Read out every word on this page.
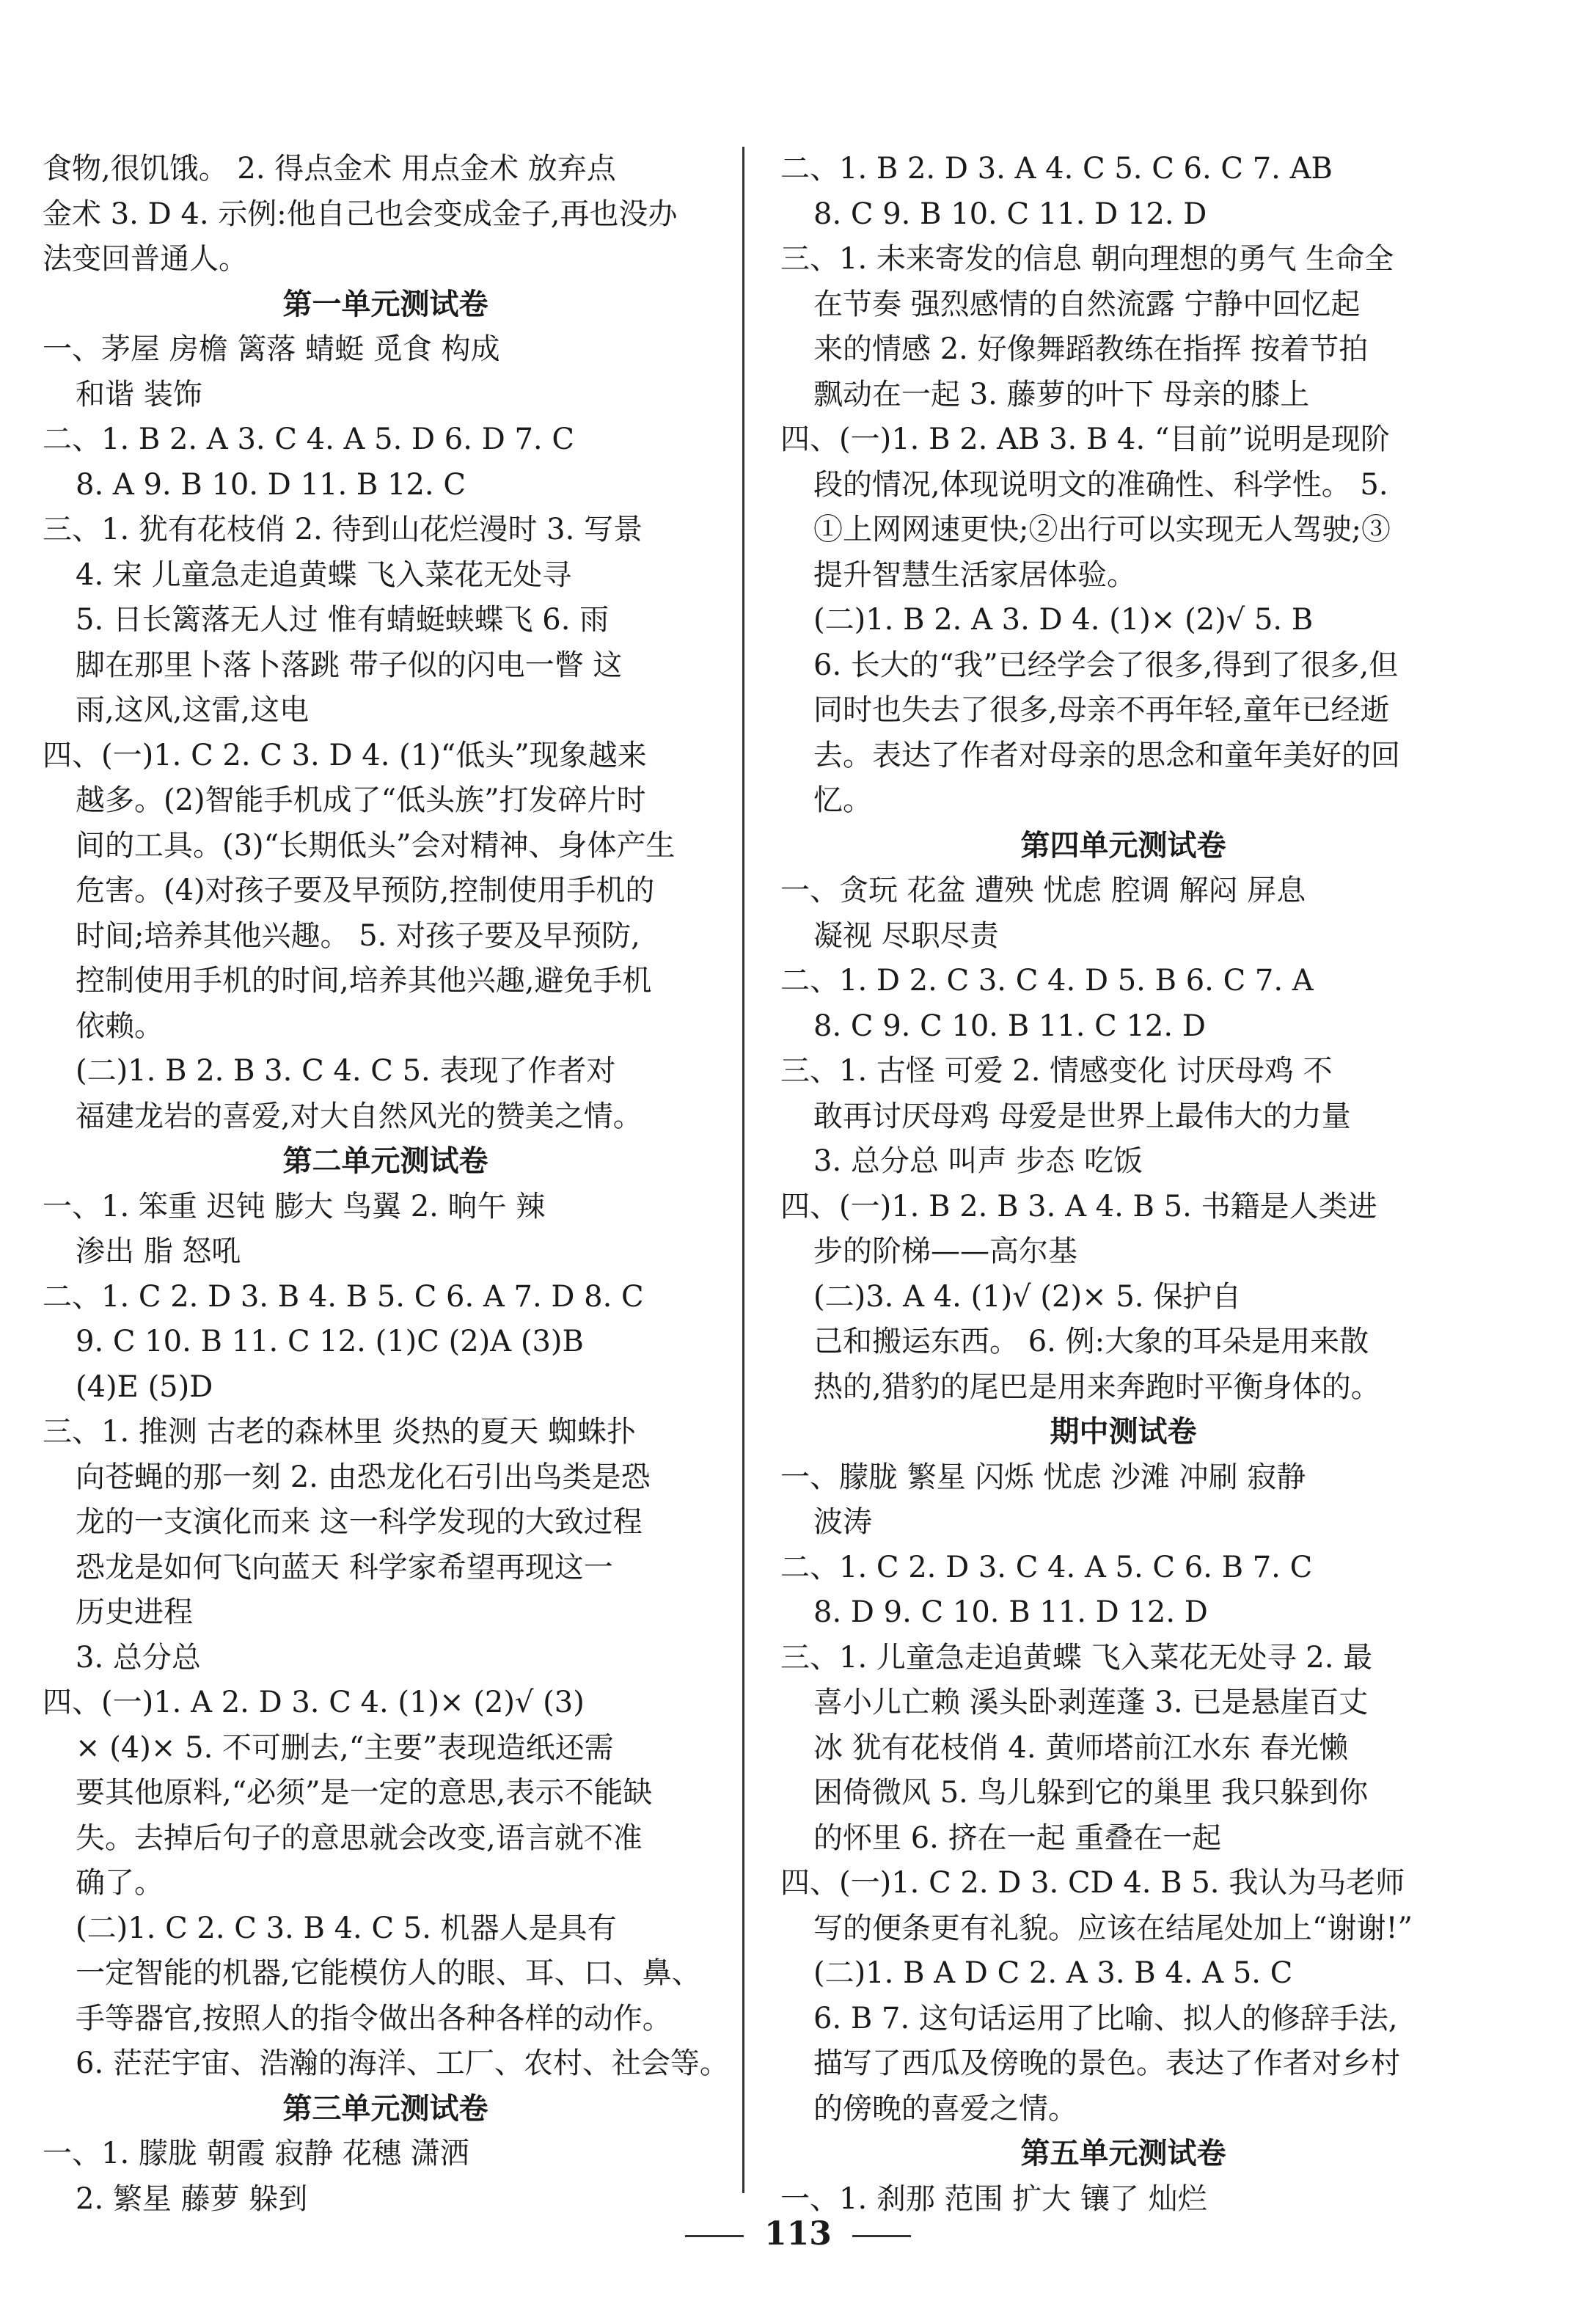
食物,很饥饿。 2. 得点金术 用点金术 放弃点
金术 3. D 4. 示例:他自己也会变成金子,再也没办
法变回普通人。
第一单元测试卷
一、茅屋 房檐 篱落 蜻蜓 觅食 构成
和谐 装饰
二、1. B 2. A 3. C 4. A 5. D 6. D 7. C
8. A 9. B 10. D 11. B 12. C
三、1. 犹有花枝俏 2. 待到山花烂漫时 3. 写景
4. 宋 儿童急走追黄蝶 飞入菜花无处寻
5. 日长篱落无人过 惟有蜻蜓蛱蝶飞 6. 雨
脚在那里卜落卜落跳 带子似的闪电一瞥 这
雨,这风,这雷,这电
四、(一)1. C 2. C 3. D 4. (1)“低头”现象越来
越多。(2)智能手机成了“低头族”打发碎片时
间的工具。(3)“长期低头”会对精神、身体产生
危害。(4)对孩子要及早预防,控制使用手机的
时间;培养其他兴趣。 5. 对孩子要及早预防,
控制使用手机的时间,培养其他兴趣,避免手机
依赖。
(二)1. B 2. B 3. C 4. C 5. 表现了作者对
福建龙岩的喜爱,对大自然风光的赞美之情。
第二单元测试卷
一、1. 笨重 迟钝 膨大 鸟翼 2. 晌午 辣
渗出 脂 怒吼
二、1. C 2. D 3. B 4. B 5. C 6. A 7. D 8. C
9. C 10. B 11. C 12. (1)C (2)A (3)B
(4)E (5)D
三、1. 推测 古老的森林里 炎热的夏天 蜘蛛扑
向苍蝇的那一刻 2. 由恐龙化石引出鸟类是恐
龙的一支演化而来 这一科学发现的大致过程
恐龙是如何飞向蓝天 科学家希望再现这一
历史进程
3. 总分总
四、(一)1. A 2. D 3. C 4. (1)× (2)√ (3)
× (4)× 5. 不可删去,“主要”表现造纸还需
要其他原料,“必须”是一定的意思,表示不能缺
失。去掉后句子的意思就会改变,语言就不准
确了。
(二)1. C 2. C 3. B 4. C 5. 机器人是具有
一定智能的机器,它能模仿人的眼、耳、口、鼻、
手等器官,按照人的指令做出各种各样的动作。
6. 茫茫宇宙、浩瀚的海洋、工厂、农村、社会等。
第三单元测试卷
一、1. 朦胧 朝霞 寂静 花穗 潇洒
2. 繁星 藤萝 躲到
二、1. B 2. D 3. A 4. C 5. C 6. C 7. AB
8. C 9. B 10. C 11. D 12. D
三、1. 未来寄发的信息 朝向理想的勇气 生命全
在节奏 强烈感情的自然流露 宁静中回忆起
来的情感 2. 好像舞蹈教练在指挥 按着节拍
飘动在一起 3. 藤萝的叶下 母亲的膝上
四、(一)1. B 2. AB 3. B 4. “目前”说明是现阶
段的情况,体现说明文的准确性、科学性。 5.
①上网网速更快;②出行可以实现无人驾驶;③
提升智慧生活家居体验。
(二)1. B 2. A 3. D 4. (1)× (2)√ 5. B
6. 长大的“我”已经学会了很多,得到了很多,但
同时也失去了很多,母亲不再年轻,童年已经逝
去。表达了作者对母亲的思念和童年美好的回
忆。
第四单元测试卷
一、贪玩 花盆 遭殃 忧虑 腔调 解闷 屏息
凝视 尽职尽责
二、1. D 2. C 3. C 4. D 5. B 6. C 7. A
8. C 9. C 10. B 11. C 12. D
三、1. 古怪 可爱 2. 情感变化 讨厌母鸡 不
敢再讨厌母鸡 母爱是世界上最伟大的力量
3. 总分总 叫声 步态 吃饭
四、(一)1. B 2. B 3. A 4. B 5. 书籍是人类进
步的阶梯——高尔基
(二)3. A 4. (1)√ (2)× 5. 保护自
己和搬运东西。 6. 例:大象的耳朵是用来散
热的,猎豹的尾巴是用来奔跑时平衡身体的。
期中测试卷
一、朦胧 繁星 闪烁 忧虑 沙滩 冲刷 寂静
波涛
二、1. C 2. D 3. C 4. A 5. C 6. B 7. C
8. D 9. C 10. B 11. D 12. D
三、1. 儿童急走追黄蝶 飞入菜花无处寻 2. 最
喜小儿亡赖 溪头卧剥莲蓬 3. 已是悬崖百丈
冰 犹有花枝俏 4. 黄师塔前江水东 春光懒
困倚微风 5. 鸟儿躲到它的巢里 我只躲到你
的怀里 6. 挤在一起 重叠在一起
四、(一)1. C 2. D 3. CD 4. B 5. 我认为马老师
写的便条更有礼貌。应该在结尾处加上“谢谢!”
(二)1. B A D C 2. A 3. B 4. A 5. C
6. B 7. 这句话运用了比喻、拟人的修辞手法,
描写了西瓜及傍晚的景色。表达了作者对乡村
的傍晚的喜爱之情。
第五单元测试卷
一、1. 刹那 范围 扩大 镶了 灿烂
113
